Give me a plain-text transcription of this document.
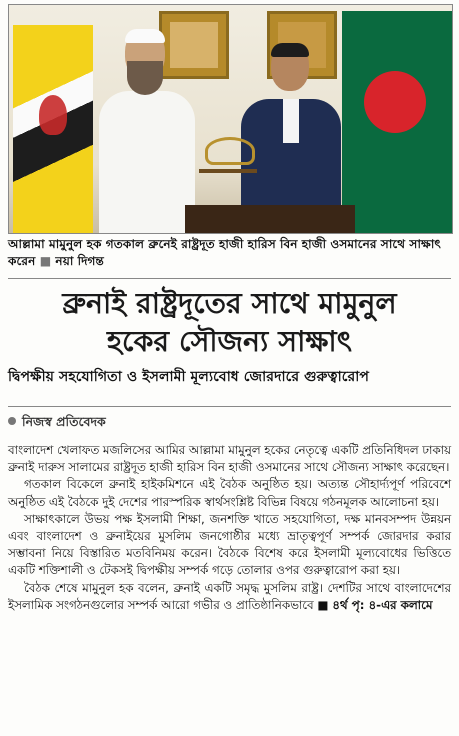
আল্লামা মামুনুল হক গতকাল ব্রুনেই রাষ্ট্রদূত হাজী হারিস বিন হাজী ওসমানের সাথে সাক্ষাৎ করেন ■ নয়া দিগন্ত
ব্রুনাই রাষ্ট্রদূতের সাথে মামুনুল
হকের সৌজন্য সাক্ষাৎ
দ্বিপক্ষীয় সহযোগিতা ও ইসলামী মূল্যবোধ জোরদারে গুরুত্বারোপ
নিজস্ব প্রতিবেদক

বাংলাদেশ খেলাফত মজলিসের আমির আল্লামা মামুনুল হকের নেতৃত্বে একটি প্রতিনিধিদল ঢাকায় ব্রুনাই দারুস সালামের রাষ্ট্রদূত হাজী হারিস বিন হাজী ওসমানের সাথে সৌজন্য সাক্ষাৎ করেছেন।

গতকাল বিকেলে ব্রুনাই হাইকমিশনে এই বৈঠক অনুষ্ঠিত হয়। অত্যন্ত সৌহার্দ্যপূর্ণ পরিবেশে অনুষ্ঠিত এই বৈঠকে দুই দেশের পারস্পরিক স্বার্থসংশ্লিষ্ট বিভিন্ন বিষয়ে গঠনমূলক আলোচনা হয়।

সাক্ষাৎকালে উভয় পক্ষ ইসলামী শিক্ষা, জনশক্তি খাতে সহযোগিতা, দক্ষ মানবসম্পদ উন্নয়ন এবং বাংলাদেশ ও ব্রুনাইয়ের মুসলিম জনগোষ্ঠীর মধ্যে ভ্রাতৃত্বপূর্ণ সম্পর্ক জোরদার করার সম্ভাবনা নিয়ে বিস্তারিত মতবিনিময় করেন। বৈঠকে বিশেষ করে ইসলামী মূল্যবোধের ভিত্তিতে একটি শক্তিশালী ও টেকসই দ্বিপক্ষীয় সম্পর্ক গড়ে তোলার ওপর গুরুত্বারোপ করা হয়।

বৈঠক শেষে মামুনুল হক বলেন, ব্রুনাই একটি সমৃদ্ধ মুসলিম রাষ্ট্র। দেশটির সাথে বাংলাদেশের ইসলামিক সংগঠনগুলোর সম্পর্ক আরো গভীর ও প্রাতিষ্ঠানিকভাবে ■ ৪র্থ পৃ: ৪-এর কলামে
